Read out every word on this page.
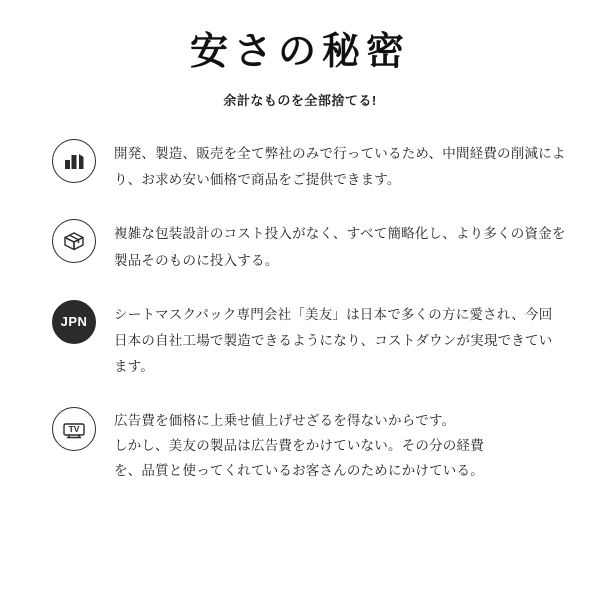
安さの秘密
余計なものを全部捨てる!
開発、製造、販売を全て弊社のみで行っているため、中間経費の削減により、お求め安い価格で商品をご提供できます。
複雑な包装設計のコスト投入がなく、すべて簡略化し、より多くの資金を製品そのものに投入する。
JPN シートマスクパック専門会社「美友」は日本で多くの方に愛され、今回日本の自社工場で製造できるようになり、コストダウンが実現できています。
TV

広告費を価格に上乗せ値上げせざるを得ないからです。

しかし、美友の製品は広告費をかけていない。その分の経費

を、品質と使ってくれているお客さんのためにかけている。
